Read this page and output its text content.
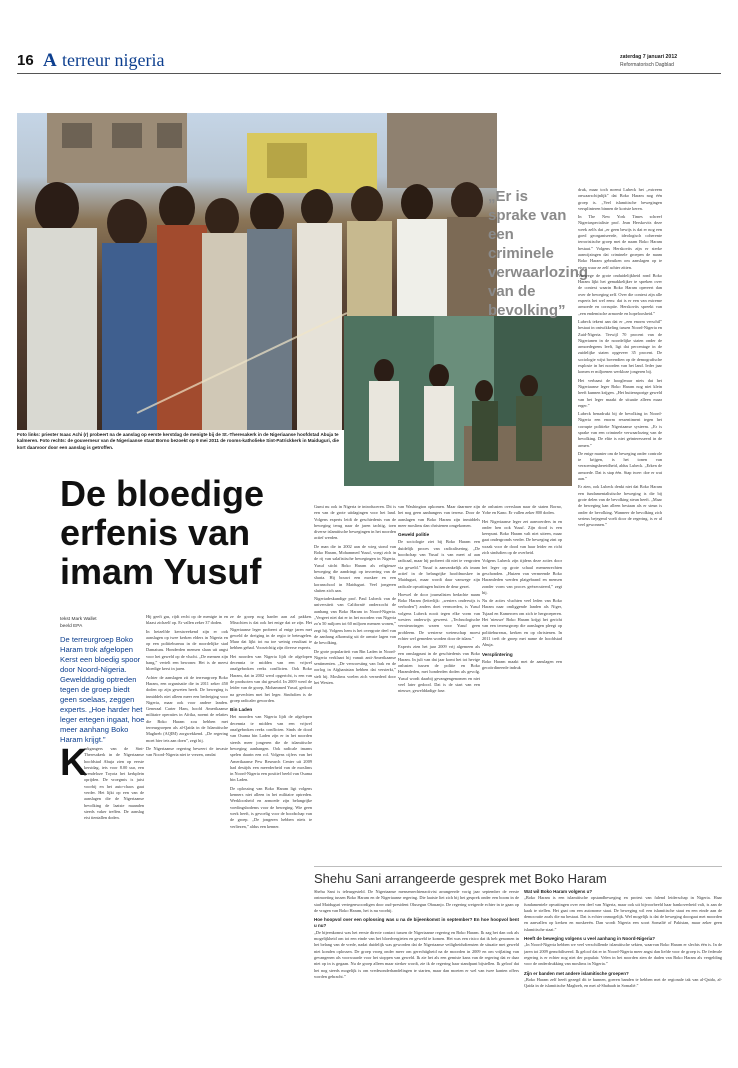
16 A terreur nigeria	zaterdag 7 januari 2012
Reformatorisch Dagblad
Foto links: priester Isaac Achi (r) probeert na de aanslag op eerste kerstdag de menigte bij de St.-Theresakerk in de Nigeriaanse hoofdstad Abuja te kalmeren. Foto rechts: de gouverneur van de Nigeriaanse staat Borno bezoekt op 9 mei 2011 de rooms-katholieke Sint-Patrickkerk in Maiduguri, die kort daarvoor door een aanslag is getroffen.
„Er is sprake van een criminele verwaarlozing van de bevolking”
De bloedige erfenis van imam Yusuf
tekst Mark Wallet
beeld EPA
De terreurgroep Boko Haram trok afgelopen Kerst een bloedig spoor door Noord-Nigeria. Gewelddadig optreden tegen de groep biedt geen soelaas, zeggen experts. „Hoe harder het leger ertegen ingaat, hoe meer aanhang Boko Haram krijgt.”
K

erkgangers van de Sint-Theresakerk in de Nigeriaanse hoofdstad Abuja zien op eerste kerstdag, iets voor 8.00 uur, een grendeloze Toyota het kerkplein oprijden. De vroegmis is juist voorbij en het auto-chaos gaat verder. Het lijkt op een van de aanslagen die de Nigeriaanse bevolking de laatste maanden steeds vaker treffen. De aanslag eist tientallen doden.

Hij geeft gas, rijdt recht op de menigte in en blaast zichzelf op. Er vallen zeker 37 doden.

In hetzelfde kerstweekend zijn er ook aanslagen op twee kerken elders in Nigeria en op een politiebureau in de noordelijke stad Damaturu. Honderden mensen slaan uit angst voor het geweld op de vlucht. „De mensen zijn bang,” vertelt een bewoner. Het is de meest bloedige kerst in jaren.

Achter de aanslagen zit de terreurgroep Boko Haram, een organisatie die in 2011 zeker 450 doden op zijn geweten heeft. De beweging is inmiddels niet alleen meer een bedreiging voor Nigeria, maar ook voor andere landen. Generaal Carter Ham, hoofd Amerikaanse militaire operaties in Afrika, noemt de relaties die Boko Haram zou hebben met terreurgroepen als al-Qaida in de Islamitische Maghreb (AQIM) zorgwekkend. „De regering moet hier iets aan doen”, zegt hij.

De Nigeriaanse regering beweert de invasie van Noord-Nigeria niet te vrezen, omdat

ze de groep nog harder aan zal pakken. Misschien is dat ook het enige dat ze zijn. Het Nigeriaanse leger probeert al enige jaren met geweld de dreiging in de regio te beteugelen. Maar dat lijkt tot nu toe weinig resultaat te hebben gehad. Voorzichtig zijn diverse experts.

Het noorden van Nigeria lijdt de afgelopen decennia te midden van een vrijwel onafgebroken reeks conflicten. Ook Boko Haram, dat in 2002 werd opgericht, is een van de producten van dat geweld. In 2009 werd de leider van de groep, Mohammed Yusuf, gedood na gevechten met het leger. Sindsdien is de groep radicaler geworden.

Bin Laden

Het noorden van Nigeria lijdt de afgelopen decennia te midden van een vrijwel onafgebroken reeks conflicten. Sinds de dood van Osama bin Laden zijn er in het noorden steeds meer jongeren die de islamitische beweging aanhangen. Ook radicale imams spelen daarin een rol. Volgens cijfers van het Amerikaanse Pew Research Center uit 2009 had destijds een meerderheid van de moslims in Noord-Nigeria een positief beeld van Osama bin Laden.

De oplossing van Boko Haram ligt volgens kenners niet alleen in het militaire optreden. Werkloosheid en armoede zijn belangrijke voedingsbodems voor de beweging. Wie geen werk heeft, is gevoelig voor de boodschap van de groep. „De jongeren hebben niets te verliezen,” aldus een kenner.

Gumi nu ook in Nigeria te introduceren. Dit is een van de grote uitdagingen voor het land. Volgens experts leidt de geschiedenis van de beweging terug naar de jaren tachtig, toen diverse islamitische bewegingen in het noorden actief werden.

De man die in 2002 aan de wieg stond van Boko Haram, Mohammed Yusuf, voegt zich in de rij van salafistische bewegingen in Nigeria. Yusuf sticht Boko Haram als religieuze beweging die aandringt op invoering van de sharia. Hij bouwt een moskee en een koranschool in Maiduguri. Veel jongeren sluiten zich aan.

Nigeriadeskundige prof. Paul Lubeck van de universiteit van Californië onderzocht de aanhang van Boko Haram in Noord-Nigeria. „Vergeet niet dat er in het noorden van Nigeria zo'n 50 miljoen tot 60 miljoen mensen wonen,” zegt hij. Volgens hem is het overgrote deel van de aanhang afkomstig uit de armste lagen van de bevolking.

De grote populariteit van Bin Laden in Noord-Nigeria verklaart hij vanuit anti-Amerikaanse sentimenten. „De verwoesting van Irak en de oorlog in Afghanistan hebben dat versterkt,” stelt hij. Moslims voelen zich vernederd door het Westen.

van Washington opkomen. Maar daarmee zijn het nog geen aanhangers van terreur. Door de aanslagen van Boko Haram zijn inmiddels meer moslims dan christenen omgekomen.

Geweld politie

De sociologie ziet bij Boko Haram een duidelijk proces van radicalisering. „De boodschap van Yusuf is van meet af aan radicaal, maar hij probeert dit niet te vergroten via geweld.” Yusuf is aanvankelijk als imam actief in de belangrijke hoofdmoskee in Maiduguri, maar wordt daar vanwege zijn radicale opvattingen buiten de deur gezet.

Hoewel de door journalisten bedachte naam Boko Haram (letterlijk: „westers onderwijs is verboden”) anders doet vermoeden, is Yusuf volgens Lubeck nooit tegen elke vorm van westers onderwijs geweest. „Technologische vernieuwingen waren voor Yusuf geen probleem. De westerse wetenschap moest echter wel gemeden worden door de islam.”

Experts zien het jaar 2009 vrij algemeen als een omslagpunt in de geschiedenis van Boko Haram. In juli van dat jaar komt het tot hevige onlusten tussen de politie en Boko Haramleden, met honderden doden als gevolg. Yusuf wordt daarbij gevangengenomen en niet veel later gedood. Dat is de start van een nieuwe, gewelddadige fase.

de onlusten overslaan naar de staten Borno, Yobe en Kano. Er vallen zeker 800 doden.

Het Nigeriaanse leger zet aanvoerders in en onder hen ook Yusuf. Zijn dood is een keerpunt. Boko Haram valt niet uiteen, maar gaat ondergronds verder. De beweging zint op wraak voor de dood van haar leider en richt zich sindsdien op de overheid.

Volgens Lubeck zijn tijdens deze acties door het leger op grote schaal mensenrechten geschonden. „Huizen van vermeende Boko Haramleden werden platgebrand en mensen zonder vorm van proces geëxecuteerd,” zegt hij.

Nu de acties vluchten veel leden van Boko Haram naar omliggende landen als Niger, Tsjaad en Kameroen om zich te hergroeperen. Het 'nieuwe' Boko Haram krijgt het gericht van een terreurgroep die aanslagen pleegt op politiebureaus, kerken en op christenen. In 2011 treft de groep met name de hoofdstad Abuja.

Versplintering

Boko Haram maakt met de aanslagen een gecoördineerde indruk

druk, maar toch noemt Lubeck het „extreem onwaarschijnlijk” dat Boko Haram nog één groep is. „Veel islamitische bewegingen versplinteren binnen de kortste keren.

In The New York Times schreef Nigeriaspecialiste prof. Jean Herskovits deze week zelfs dat „er geen bewijs is dat er nog een goed georganiseerde, ideologisch coherente terroristische groep met de naam Boko Haram bestaat.” Volgens Herskovits zijn er sterke aanwijzingen dat criminele groepen de naam Boko Haram gebruiken om aanslagen op te eisen waar ze zelf achter zitten.

Vanwege de grote onduidelijkheid rond Boko Haram lijkt het gemakkelijker te spreken over de context waarin Boko Haram opereert dan over de beweging zelf. Over die context zijn alle experts het wel eens: dat is er een van extreme armoede en corruptie. Herskovits spreekt van „een endemische armoede en hopeloosheid.”

Lubeck tekent aan dat er „een enorm verschil” bestaat in ontwikkeling tussen Noord-Nigeria en Zuid-Nigeria. Terwijl 70 procent van de Nigerianen in de noordelijke staten onder de armoedegrens leeft, ligt dat percentage in de zuidelijke staten opgeveer 35 procent. De sociologie wijst bovendien op de demografische explosie in het noorden van het land. Ieder jaar komen er miljoenen werkloze jongeren bij.

Het verbaast de hoogleraar niets dat het Nigeriaanse leger Boko Haram nog niet klein heeft kunnen krijgen. „Het buitensporige geweld van het leger maakt de situatie alleen maar erger.”

Lubeck benadrukt bij de bevolking in Noord-Nigeria een enorm ressentiment tegen het corrupte politieke Nigeriaanse systeem. „Er is sprake van een criminele verwaarlozing van de bevolking. De elite is niet geïnteresseerd in de armen.”

De enige manier om de beweging onder controle te krijgen, is het tonen van verzoeningsbereidheid, aldus Lubeck. „Erken de armoede. Dat is stap één. Stap twee: doe er wat aan.”

Er zien, ook Lubeck denkt niet dat Boko Haram een fundamentalistische beweging is die bij grote delen van de bevolking steun heeft. „Maar de beweging kan alleen bestaan als er steun is onder de bevolking. Wanneer de bevolking zich serieus bejegend voelt door de regering, is er al veel gewonnen.”

Shehu Sani arrangeerde gesprek met Boko Haram

Shehu Sani is teleurgesteld. De Nigeriaanse mensenrechtenactivist arrangeerde vorig jaar september de eerste ontmoeting tussen Boko Haram en de Nigeriaanse regering. Die laatste liet zich bij het gesprek onder een boom in de stad Maiduguri vertegenwoordigen door oud-president Olusegun Obasanjo. De regering weigerde echter in te gaan op de vragen van Boko Haram, het is nu voorbij.

Hoe hoopvol over een oplossing was u na de bijeenkomst in september? En hoe hoopvol bent u nu?

„De bijeenkomst was het eerste directe contact tussen de Nigeriaanse regering en Boko Haram. Ik zag het dan ook als mogelijkheid om tot een einde van het bloedvergieten en geweld te komen. Het was een risico dat ik heb genomen in het belang van de vrede, nadat duidelijk was geworden dat de Nigeriaanse veiligheidsdiensten de situatie met geweld niet konden oplossen. De groep vroeg onder meer om gerechtigheid na de moorden in 2009 en om vrijlating van gevangenen als voorwaarde voor het stoppen van geweld. Ik zie het als een gemiste kans van de regering dat er daar niet op in is gegaan. Nu de groep alleen maar sterker wordt, zie ik de regering haar standpunt bijstellen. Ik geloof dat het nog steeds mogelijk is om vredesonderhandelingen te starten, maar dan moeten er wel van twee kanten offers worden gebracht.”

Wat wil Boko Haram volgens u?

„Boko Haram is een islamitische opstandbeweging en protest van falend leiderschap in Nigeria. Haar fundamentele opvattingen over een deel van Nigeria, maar ook uit bijvoorbeeld haar bankoverheid valt, is aan de kaak te stellen. Het gaat om een autonome staat. De beweging wil een islamitische staat en een einde aan de democratie zoals die nu bestaat. Dat is echter onmogelijk. Wel mogelijk is dat de beweging doorgaat met moorden en aanvallen op kerken en moskeeën. Dan wordt Nigeria een soort Somalië of Pakistan, maar zeker geen islamitische staat.”

Heeft de beweging volgens u veel aanhang in Noord-Nigeria?

„In Noord-Nigeria hebben we veel verschillende islamitische sekten, waarvan Boko Haram er slechts één is. In de jaren tot 2009 gemobiliseerd. Ik geloof dat er in Noord-Nigeria meer angst dan liefde voor de groep is. De federale regering is er echter nog niet der populair. Velen in het noorden zien de daden van Boko Haram als vergelding voor de onderdrukking van moslims in Nigeria.”

Zijn er banden met andere islamitische groepen?

„Boko Haram zelf heeft gezegd dit te kunnen, goeren banden te hebben met de regionale tak van al-Qaida, al-Qaida in de islamitische Maghreb, en met al-Shabaab in Somalië.”
